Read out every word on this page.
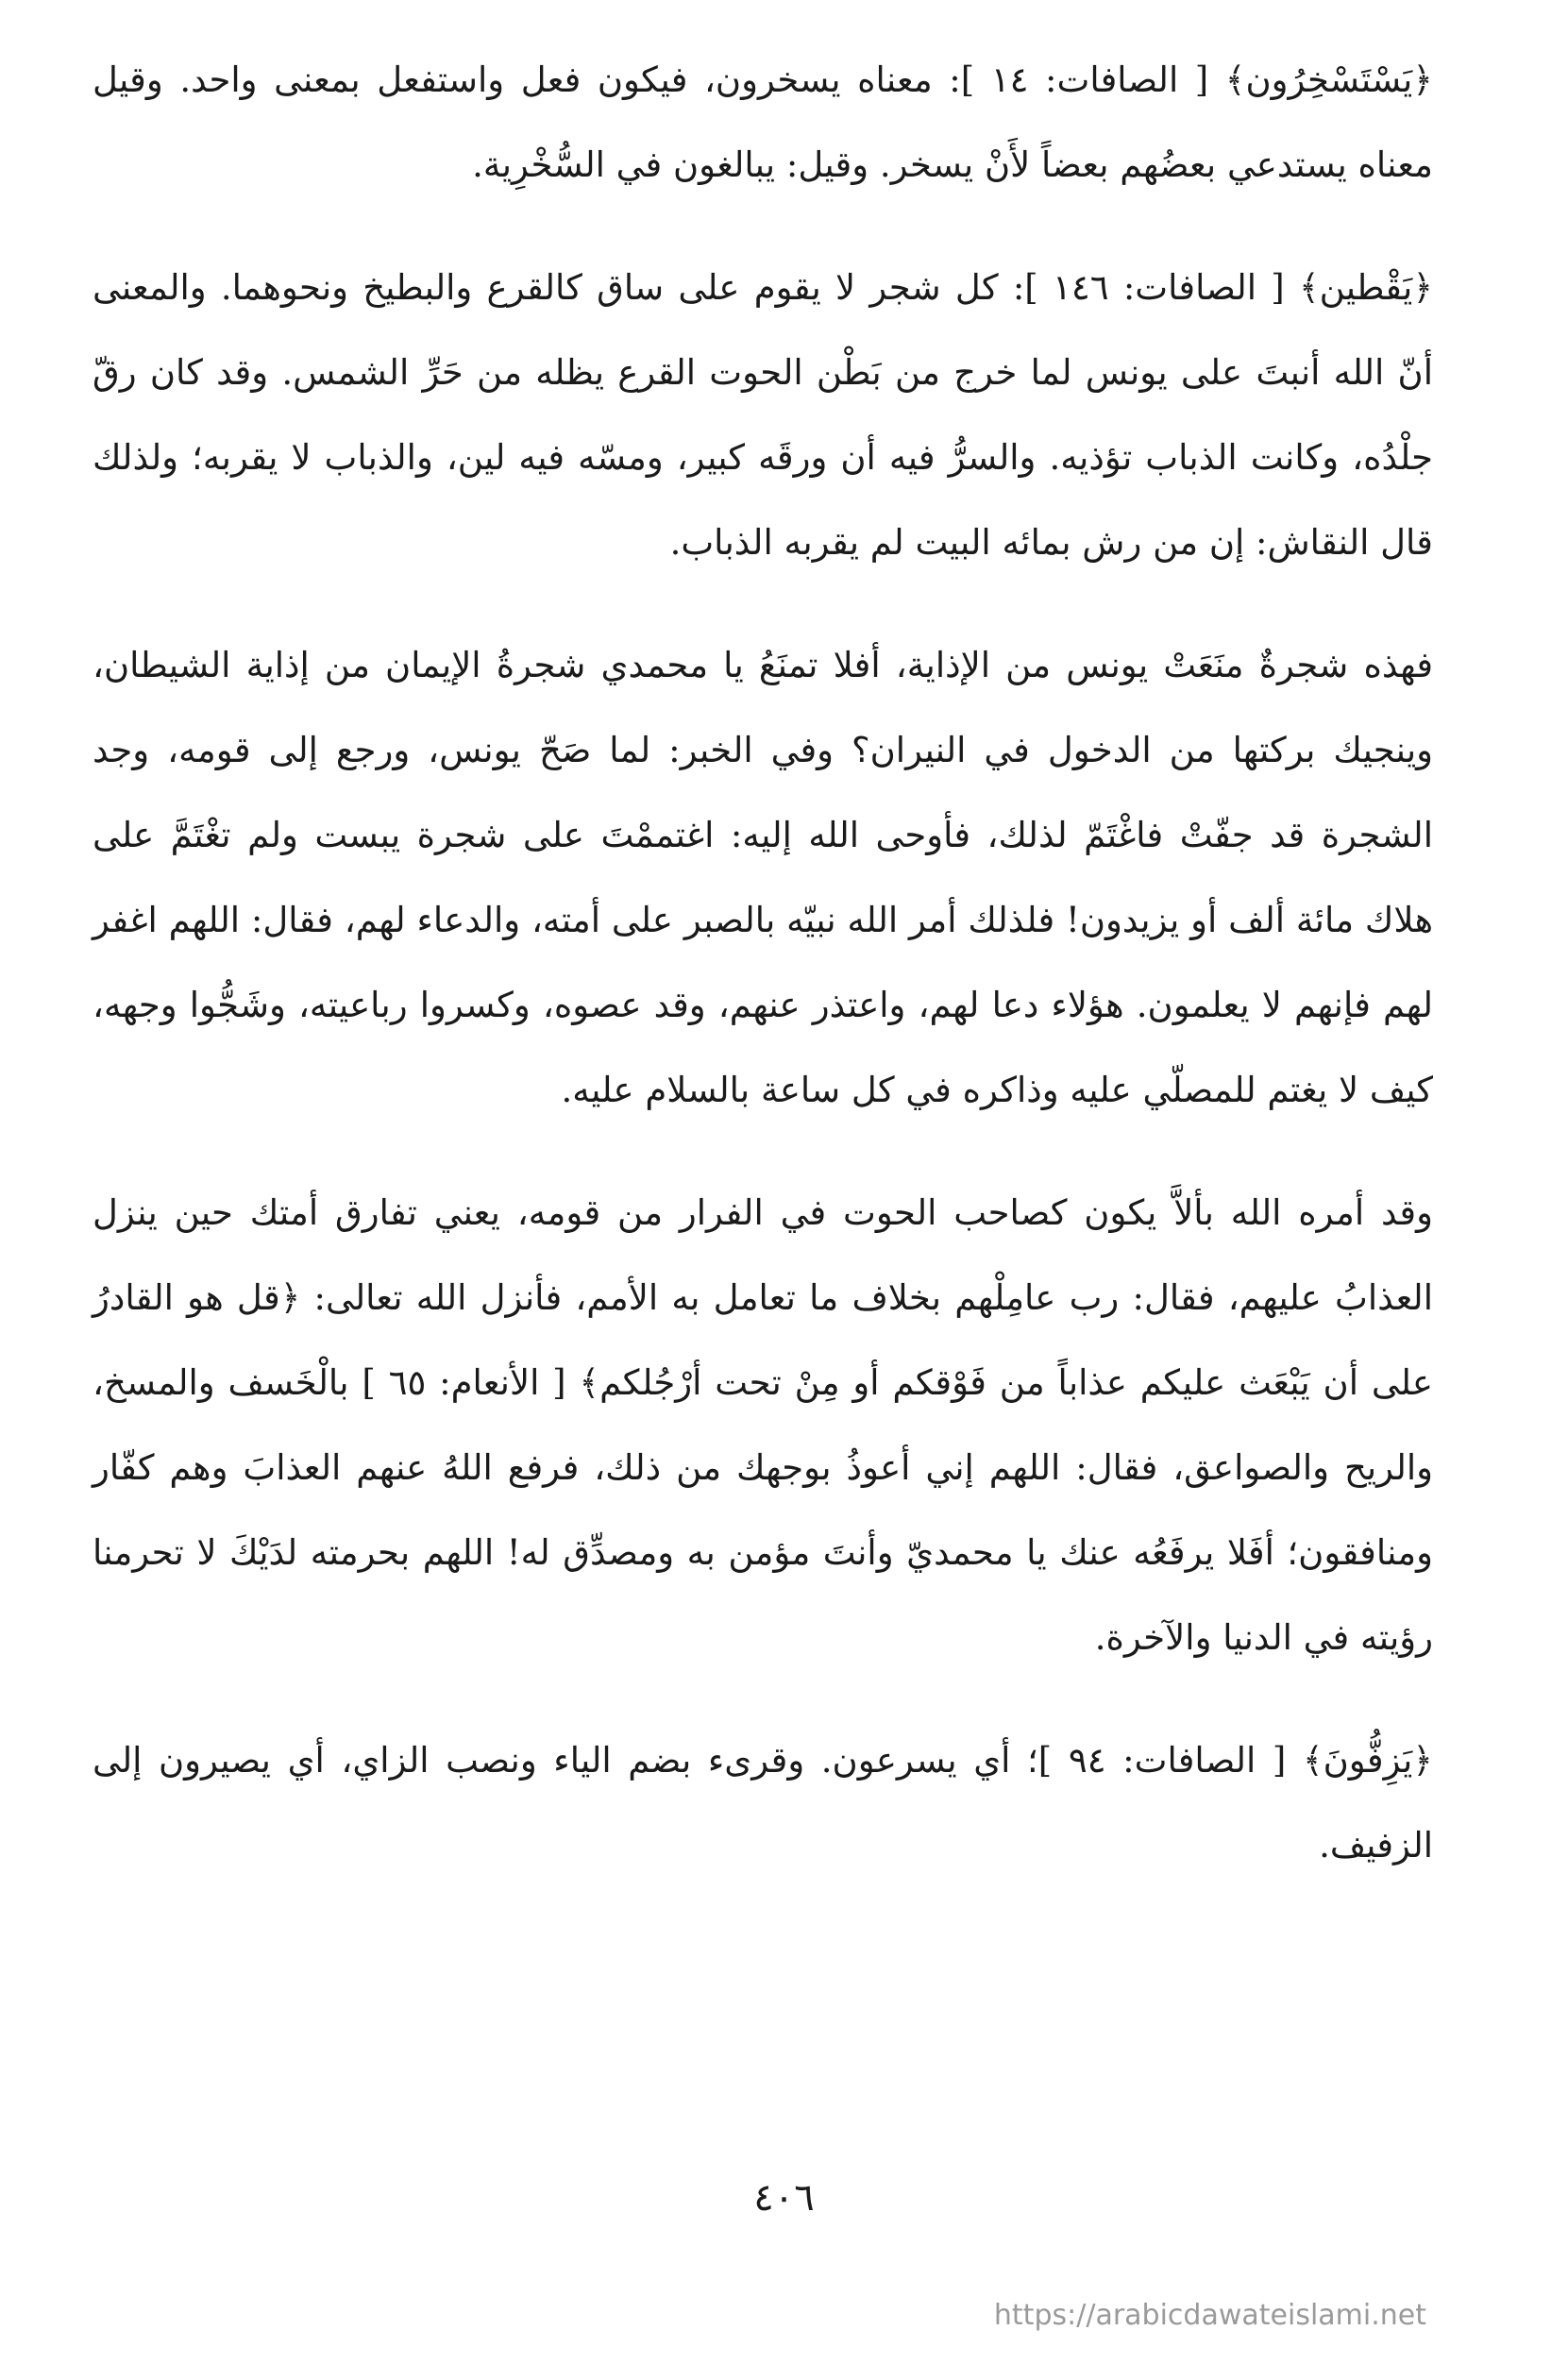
﴿يَسْتَسْخِرُون﴾ [ الصافات: ١٤ ]: معناه يسخرون، فيكون فعل واستفعل بمعنى واحد. وقيل معناه يستدعي بعضُهم بعضاً لأَنْ يسخر. وقيل: يبالغون في السُّخْرِية.

﴿يَقْطين﴾ [ الصافات: ١٤٦ ]: كل شجر لا يقوم على ساق كالقرع والبطيخ ونحوهما. والمعنى أنّ الله أنبتَ على يونس لما خرج من بَطْن الحوت القرع يظله من حَرِّ الشمس. وقد كان رقّ جلْدُه، وكانت الذباب تؤذيه. والسرُّ فيه أن ورقَه كبير، ومسّه فيه لين، والذباب لا يقربه؛ ولذلك قال النقاش: إن من رش بمائه البيت لم يقربه الذباب.

فهذه شجرةٌ منَعَتْ يونس من الإذاية، أفلا تمنَعُ يا محمدي شجرةُ الإيمان من إذاية الشيطان، وينجيك بركتها من الدخول في النيران؟ وفي الخبر: لما صَحّ يونس، ورجع إلى قومه، وجد الشجرة قد جفّتْ فاغْتَمّ لذلك، فأوحى الله إليه: اغتممْتَ على شجرة يبست ولم تغْتَمَّ على هلاك مائة ألف أو يزيدون! فلذلك أمر الله نبيّه بالصبر على أمته، والدعاء لهم، فقال: اللهم اغفر لهم فإنهم لا يعلمون. هؤلاء دعا لهم، واعتذر عنهم، وقد عصوه، وكسروا رباعيته، وشَجُّوا وجهه، كيف لا يغتم للمصلّي عليه وذاكره في كل ساعة بالسلام عليه.

وقد أمره الله بألاَّ يكون كصاحب الحوت في الفرار من قومه، يعني تفارق أمتك حين ينزل العذابُ عليهم، فقال: رب عامِلْهم بخلاف ما تعامل به الأمم، فأنزل الله تعالى: ﴿قل هو القادرُ على أن يَبْعَث عليكم عذاباً من فَوْقكم أو مِنْ تحت أرْجُلكم﴾ [ الأنعام: ٦٥ ] بالْخَسف والمسخ، والريح والصواعق، فقال: اللهم إني أعوذُ بوجهك من ذلك، فرفع اللهُ عنهم العذابَ وهم كفّار ومنافقون؛ أفَلا يرفَعُه عنك يا محمديّ وأنتَ مؤمن به ومصدِّق له! اللهم بحرمته لدَيْكَ لا تحرمنا رؤيته في الدنيا والآخرة.

﴿يَزِفُّونَ﴾ [ الصافات: ٩٤ ]؛ أي يسرعون. وقرىء بضم الياء ونصب الزاي، أي يصيرون إلى الزفيف.

٤٠٦
https://arabicdawateislami.net
